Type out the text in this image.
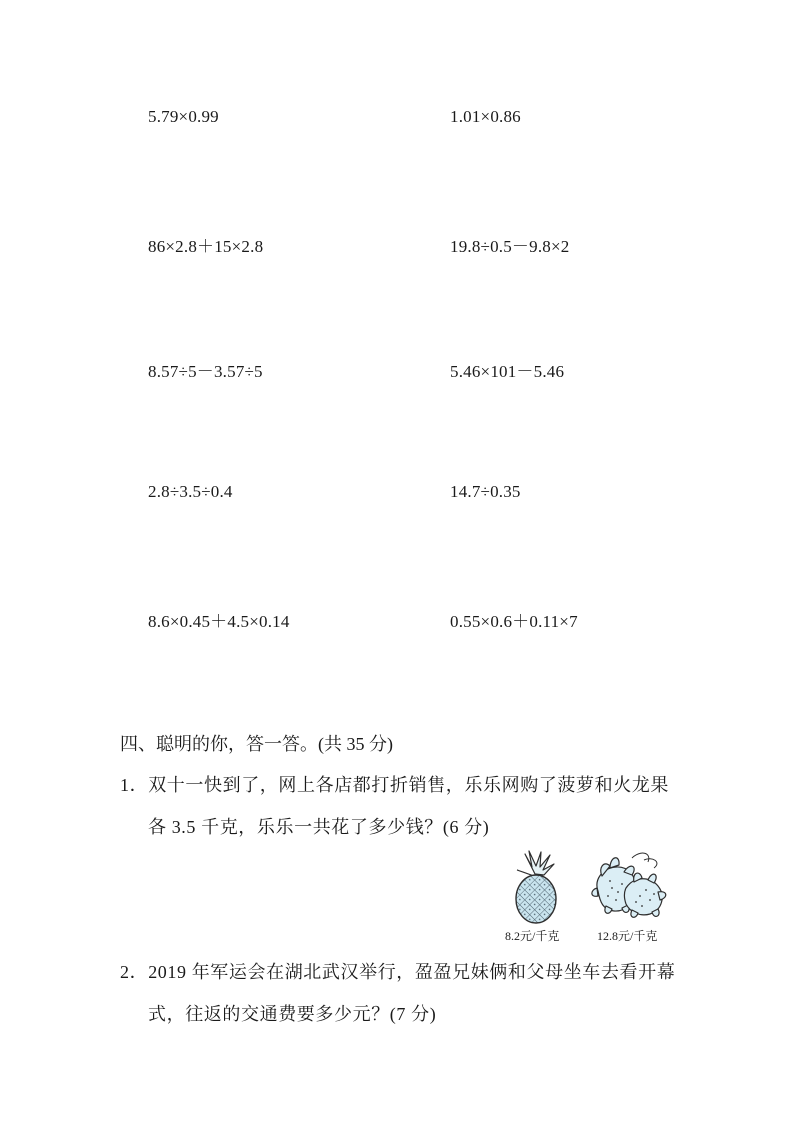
5.79×0.99	1.01×0.86
86×2.8＋15×2.8	19.8÷0.5－9.8×2
8.57÷5－3.57÷5	5.46×101－5.46
2.8÷3.5÷0.4	14.7÷0.35
8.6×0.45＋4.5×0.14	0.55×0.6＋0.11×7
四、聪明的你，答一答。(共 35 分)
1．双十一快到了，网上各店都打折销售，乐乐网购了菠萝和火龙果
各 3.5 千克，乐乐一共花了多少钱？(6 分)
8.2元/千克	12.8元/千克
2．2019 年军运会在湖北武汉举行，盈盈兄妹俩和父母坐车去看开幕
式，往返的交通费要多少元？(7 分)
